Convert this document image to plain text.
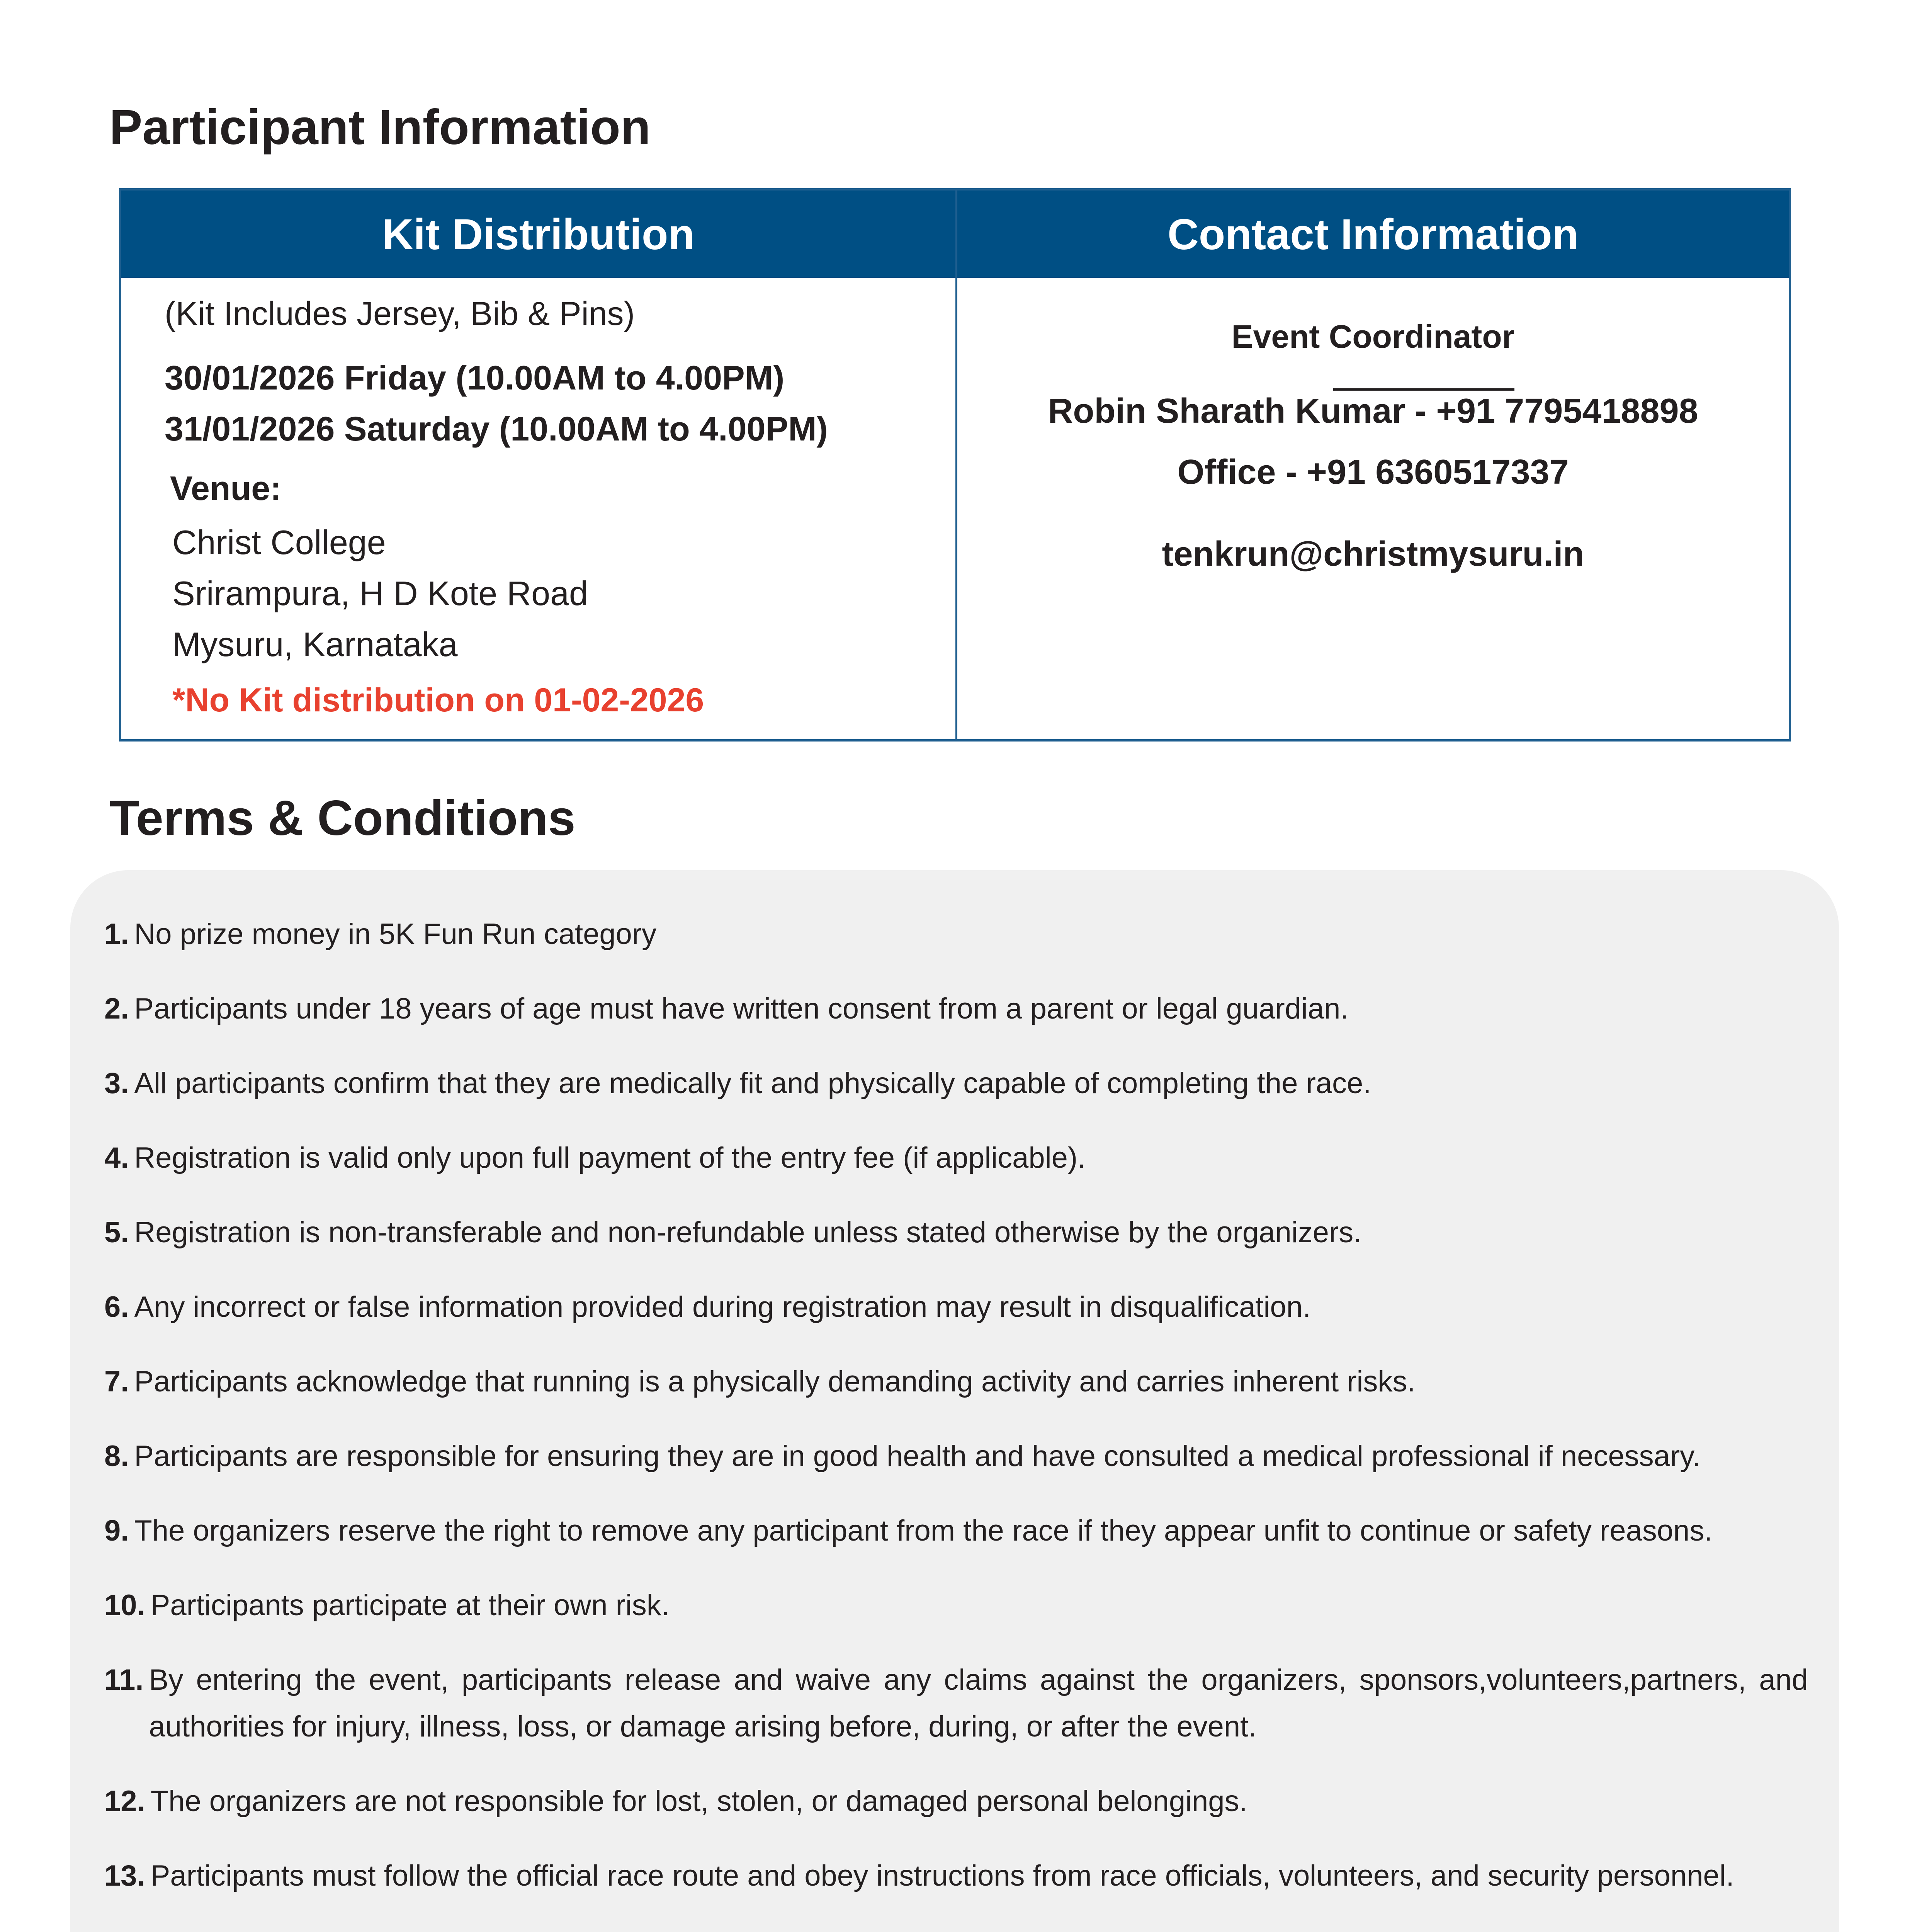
Participant Information
Kit Distribution
(Kit Includes Jersey, Bib & Pins)
30/01/2026 Friday (10.00AM to 4.00PM)
31/01/2026 Saturday (10.00AM to 4.00PM)
Venue:
Christ College
Srirampura, H D Kote Road
Mysuru, Karnataka
*No Kit distribution on 01-02-2026
Contact Information
Event Coordinator
Robin Sharath Kumar - +91 7795418898
Office - +91 6360517337
tenkrun@christmysuru.in
Terms & Conditions
1. No prize money in 5K Fun Run category
2. Participants under 18 years of age must have written consent from a parent or legal guardian.
3. All participants confirm that they are medically fit and physically capable of completing the race.
4. Registration is valid only upon full payment of the entry fee (if applicable).
5. Registration is non-transferable and non-refundable unless stated otherwise by the organizers.
6. Any incorrect or false information provided during registration may result in disqualification.
7. Participants acknowledge that running is a physically demanding activity and carries inherent risks.
8. Participants are responsible for ensuring they are in good health and have consulted a medical professional if necessary.
9. The organizers reserve the right to remove any participant from the race if they appear unfit to continue or safety reasons.
10. Participants participate at their own risk.
11. By entering the event, participants release and waive any claims against the organizers, sponsors,volunteers,partners, and authorities for injury, illness, loss, or damage arising before, during, or after the event.
12. The organizers are not responsible for lost, stolen, or damaged personal belongings.
13. Participants must follow the official race route and obey instructions from race officials, volunteers, and security personnel.
